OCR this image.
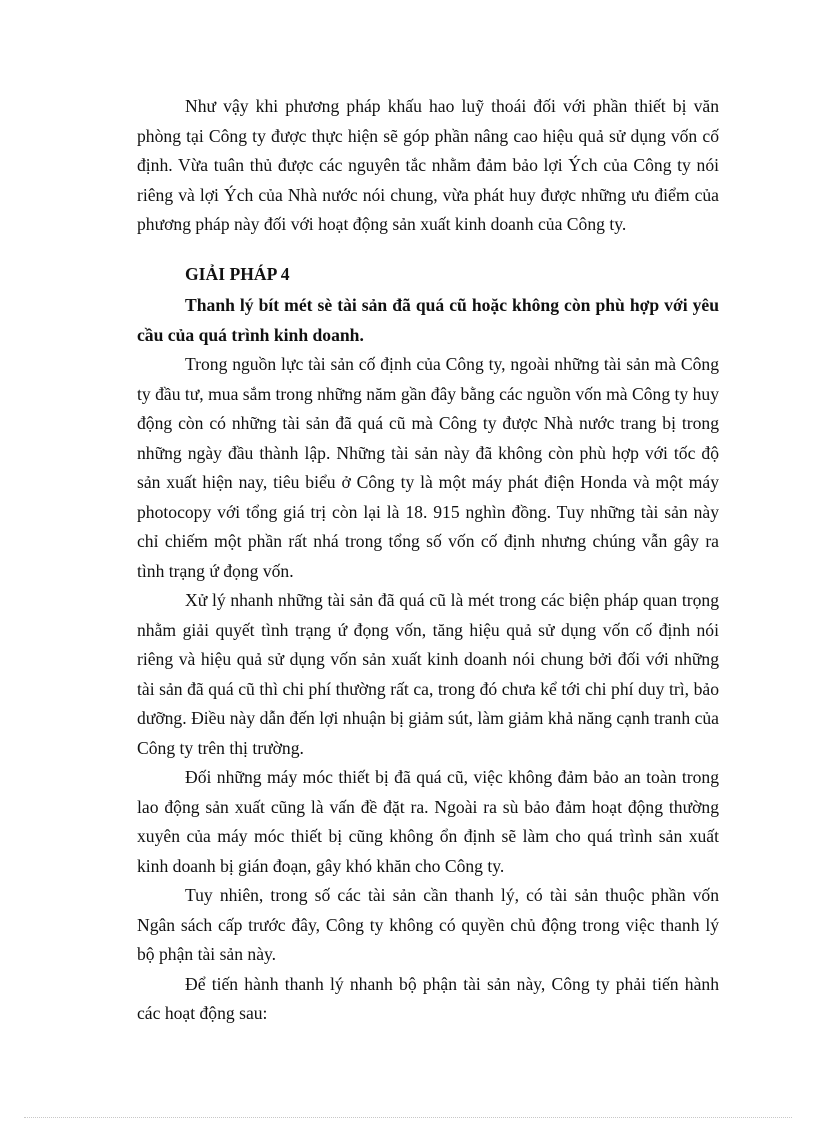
Như vậy khi phương pháp khấu hao luỹ thoái đối với phần thiết bị văn phòng tại Công ty được thực hiện sẽ góp phần nâng cao hiệu quả sử dụng vốn cố định. Vừa tuân thủ được các nguyên tắc nhằm đảm bảo lợi Ých của Công ty nói riêng và lợi Ých của Nhà nước nói chung, vừa phát huy được những ưu điểm của phương pháp này đối với hoạt động sản xuất kinh doanh của Công ty.

GIẢI PHÁP 4

Thanh lý bít mét sè tài sản đã quá cũ hoặc không còn phù hợp với yêu cầu của quá trình kinh doanh.

Trong nguồn lực tài sản cố định của Công ty, ngoài những tài sản mà Công ty đầu tư, mua sắm trong những năm gần đây bằng các nguồn vốn mà Công ty huy động còn có những tài sản đã quá cũ mà Công ty được Nhà nước trang bị trong những ngày đầu thành lập. Những tài sản này đã không còn phù hợp với tốc độ sản xuất hiện nay, tiêu biểu ở Công ty là một máy phát điện Honda và một máy photocopy với tổng giá trị còn lại là 18. 915 nghìn đồng. Tuy những tài sản này chỉ chiếm một phần rất nhá trong tổng số vốn cố định nhưng chúng vẫn gây ra tình trạng ứ đọng vốn.

Xử lý nhanh những tài sản đã quá cũ là mét trong các biện pháp quan trọng nhằm giải quyết tình trạng ứ đọng vốn, tăng hiệu quả sử dụng vốn cố định nói riêng và hiệu quả sử dụng vốn sản xuất kinh doanh nói chung bởi đối với những tài sản đã quá cũ thì chi phí thường rất ca, trong đó chưa kể tới chi phí duy trì, bảo dưỡng. Điều này dẫn đến lợi nhuận bị giảm sút, làm giảm khả năng cạnh tranh của Công ty trên thị trường.

Đối những máy móc thiết bị đã quá cũ, việc không đảm bảo an toàn trong lao động sản xuất cũng là vấn đề đặt ra. Ngoài ra sù bảo đảm hoạt động thường xuyên của máy móc thiết bị cũng không ổn định sẽ làm cho quá trình sản xuất kinh doanh bị gián đoạn, gây khó khăn cho Công ty.

Tuy nhiên, trong số các tài sản cần thanh lý, có tài sản thuộc phần vốn Ngân sách cấp trước đây, Công ty không có quyền chủ động trong việc thanh lý bộ phận tài sản này.

Để tiến hành thanh lý nhanh bộ phận tài sản này, Công ty phải tiến hành các hoạt động sau:
